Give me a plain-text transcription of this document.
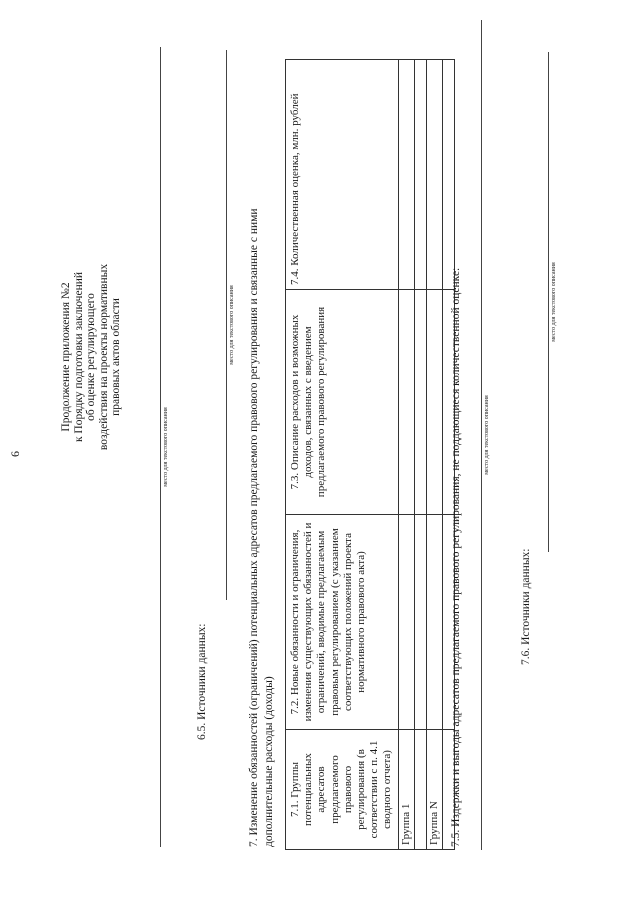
6
Продолжение приложения №2 к Порядку подготовки заключений об оценке регулирующего воздействия на проекты нормативных правовых актов области
место для текстового описания
6.5. Источники данных:
место для текстового описания 7. Изменение обязанностей (ограничений) потенциальных адресатов предлагаемого правового регулирования и связанные с ними дополнительные расходы (доходы) 7.1. Группы потенциальных адресатов предлагаемого правового регулирования (в соответствии с п. 4.1 сводного отчета)	7.2. Новые обязанности и ограничения, изменения существующих обязанностей и ограничений, вводимые предлагаемым правовым регулированием (с указанием соответствующих положений проекта нормативного правового акта)	7.3. Описание расходов и возможных доходов, связанных с введением предлагаемого правового регулирования	7.4. Количественная оценка, млн. рублей
Группа 1			

Группа N			
			7.5. Издержки и выгоды адресатов предлагаемого правового регулирования, не поддающиеся количественной оценке:	место для текстового описания
7.6. Источники данных:
место для текстового описания
